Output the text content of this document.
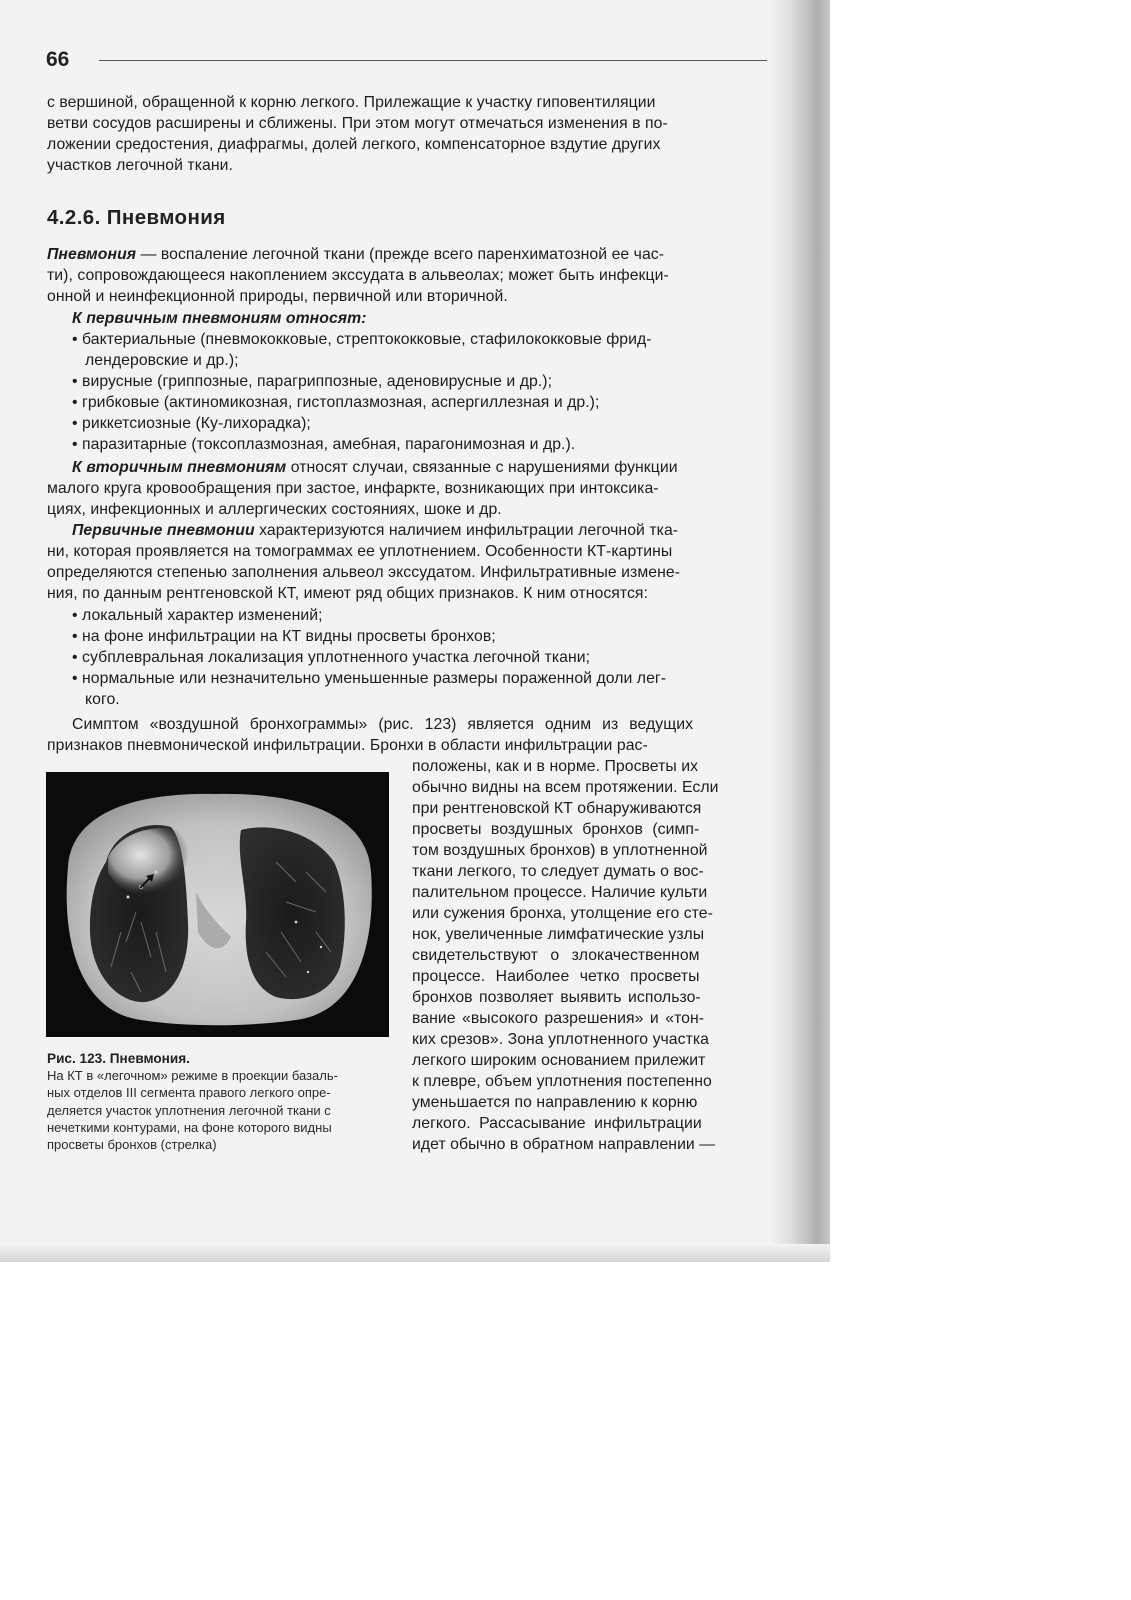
66
с вершиной, обращенной к корню легкого. Прилежащие к участку гиповентиляции
ветви сосудов расширены и сближены. При этом могут отмечаться изменения в по-
ложении средостения, диафрагмы, долей легкого, компенсаторное вздутие других
участков легочной ткани.
4.2.6. Пневмония
Пневмония — воспаление легочной ткани (прежде всего паренхиматозной ее час-
ти), сопровождающееся накоплением экссудата в альвеолах; может быть инфекци-
онной и неинфекционной природы, первичной или вторичной.
К первичным пневмониям относят:
• бактериальные (пневмококковые, стрептококковые, стафилококковые фрид-
лендеровские и др.);
• вирусные (гриппозные, парагриппозные, аденовирусные и др.);
• грибковые (актиномикозная, гистоплазмозная, аспергиллезная и др.);
• риккетсиозные (Ку-лихорадка);
• паразитарные (токсоплазмозная, амебная, парагонимозная и др.).
К вторичным пневмониям относят случаи, связанные с нарушениями функции
малого круга кровообращения при застое, инфаркте, возникающих при интоксика-
циях, инфекционных и аллергических состояниях, шоке и др.
Первичные пневмонии характеризуются наличием инфильтрации легочной тка-
ни, которая проявляется на томограммах ее уплотнением. Особенности КТ-картины
определяются степенью заполнения альвеол экссудатом. Инфильтративные измене-
ния, по данным рентгеновской КТ, имеют ряд общих признаков. К ним относятся:
• локальный характер изменений;
• на фоне инфильтрации на КТ видны просветы бронхов;
• субплевральная локализация уплотненного участка легочной ткани;
• нормальные или незначительно уменьшенные размеры пораженной доли лег-
кого.
Симптом «воздушной бронхограммы» (рис. 123) является одним из ведущих
признаков пневмонической инфильтрации. Бронхи в области инфильтрации рас-
положены, как и в норме. Просветы их
обычно видны на всем протяжении. Если
при рентгеновской КТ обнаруживаются
просветы воздушных бронхов (симп-
том воздушных бронхов) в уплотненной
ткани легкого, то следует думать о вос-
палительном процессе. Наличие культи
или сужения бронха, утолщение его сте-
нок, увеличенные лимфатические узлы
свидетельствуют о злокачественном
процессе. Наиболее четко просветы
бронхов позволяет выявить использо-
вание «высокого разрешения» и «тон-
ких срезов». Зона уплотненного участка
легкого широким основанием прилежит
к плевре, объем уплотнения постепенно
уменьшается по направлению к корню
легкого. Рассасывание инфильтрации
идет обычно в обратном направлении —
Рис. 123. Пневмония.
На КТ в «легочном» режиме в проекции базаль-
ных отделов III сегмента правого легкого опре-
деляется участок уплотнения легочной ткани с
нечеткими контурами, на фоне которого видны
просветы бронхов (стрелка)
